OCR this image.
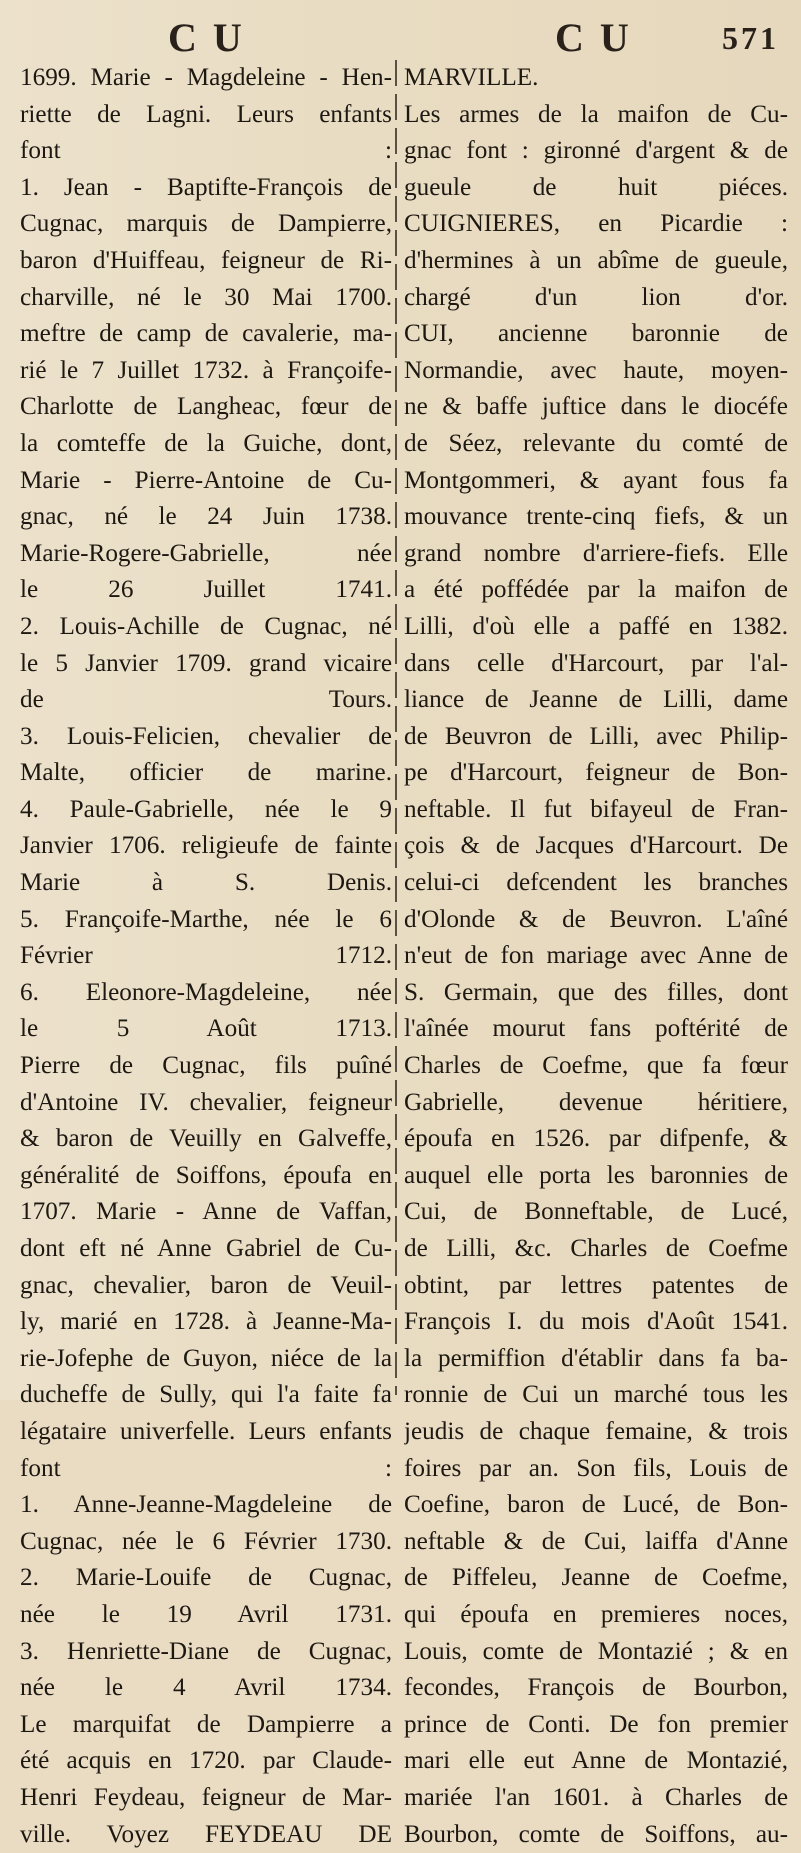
C U	C U	571
1699. Marie - Magdeleine - Hen-
riette de Lagni. Leurs enfants
font :
1. Jean - Baptifte-François de
Cugnac, marquis de Dampierre,
baron d'Huiffeau, feigneur de Ri-
charville, né le 30 Mai 1700.
meftre de camp de cavalerie, ma-
rié le 7 Juillet 1732. à Françoife-
Charlotte de Langheac, fœur de
la comteffe de la Guiche, dont,
Marie - Pierre-Antoine de Cu-
gnac, né le 24 Juin 1738.
Marie-Rogere-Gabrielle, née
le 26 Juillet 1741.
2. Louis-Achille de Cugnac, né
le 5 Janvier 1709. grand vicaire
de Tours.
3. Louis-Felicien, chevalier de
Malte, officier de marine.
4. Paule-Gabrielle, née le 9
Janvier 1706. religieufe de fainte
Marie à S. Denis.
5. Françoife-Marthe, née le 6
Février 1712.
6. Eleonore-Magdeleine, née
le 5 Août 1713.
Pierre de Cugnac, fils puîné
d'Antoine IV. chevalier, feigneur
& baron de Veuilly en Galveffe,
généralité de Soiffons, époufa en
1707. Marie - Anne de Vaffan,
dont eft né Anne Gabriel de Cu-
gnac, chevalier, baron de Veuil-
ly, marié en 1728. à Jeanne-Ma-
rie-Jofephe de Guyon, niéce de la
ducheffe de Sully, qui l'a faite fa
légataire univerfelle. Leurs enfants
font :
1. Anne-Jeanne-Magdeleine de
Cugnac, née le 6 Février 1730.
2. Marie-Louife de Cugnac,
née le 19 Avril 1731.
3. Henriette-Diane de Cugnac,
née le 4 Avril 1734.
Le marquifat de Dampierre a
été acquis en 1720. par Claude-
Henri Feydeau, feigneur de Mar-
ville. Voyez FEYDEAU DE
MARVILLE.
Les armes de la maifon de Cu-
gnac font : gironné d'argent & de
gueule de huit piéces.
CUIGNIERES, en Picardie :
d'hermines à un abîme de gueule,
chargé d'un lion d'or.
CUI, ancienne baronnie de
Normandie, avec haute, moyen-
ne & baffe juftice dans le diocéfe
de Séez, relevante du comté de
Montgommeri, & ayant fous fa
mouvance trente-cinq fiefs, & un
grand nombre d'arriere-fiefs. Elle
a été poffédée par la maifon de
Lilli, d'où elle a paffé en 1382.
dans celle d'Harcourt, par l'al-
liance de Jeanne de Lilli, dame
de Beuvron de Lilli, avec Philip-
pe d'Harcourt, feigneur de Bon-
neftable. Il fut bifayeul de Fran-
çois & de Jacques d'Harcourt. De
celui-ci defcendent les branches
d'Olonde & de Beuvron. L'aîné
n'eut de fon mariage avec Anne de
S. Germain, que des filles, dont
l'aînée mourut fans poftérité de
Charles de Coefme, que fa fœur
Gabrielle, devenue héritiere,
époufa en 1526. par difpenfe, &
auquel elle porta les baronnies de
Cui, de Bonneftable, de Lucé,
de Lilli, &c. Charles de Coefme
obtint, par lettres patentes de
François I. du mois d'Août 1541.
la permiffion d'établir dans fa ba-
ronnie de Cui un marché tous les
jeudis de chaque femaine, & trois
foires par an. Son fils, Louis de
Coefine, baron de Lucé, de Bon-
neftable & de Cui, laiffa d'Anne
de Piffeleu, Jeanne de Coefme,
qui époufa en premieres noces,
Louis, comte de Montazié ; & en
fecondes, François de Bourbon,
prince de Conti. De fon premier
mari elle eut Anne de Montazié,
mariée l'an 1601. à Charles de
Bourbon, comte de Soiffons, au-
